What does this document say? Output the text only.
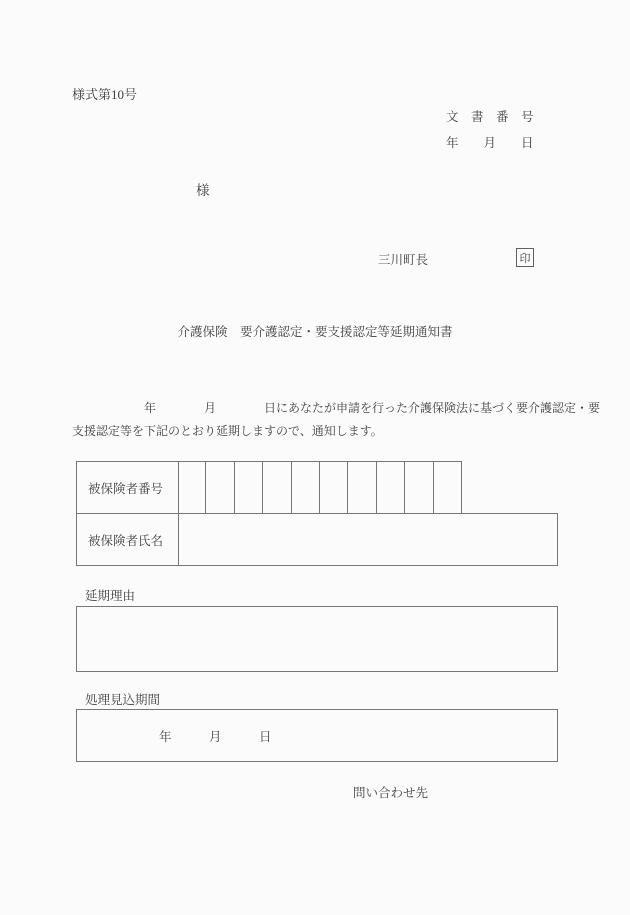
様式第10号
文　書　番　号
年　　月　　日
様
三川町長	印
介護保険　要介護認定・要支援認定等延期通知書
　　　　　　年　　　　月　　　　日にあなたが申請を行った介護保険法に基づく要介護認定・要
支援認定等を下記のとおり延期しますので、通知します。
被保険者番号
被保険者氏名
延期理由
処理見込期間
年　　　月　　　日
問い合わせ先
